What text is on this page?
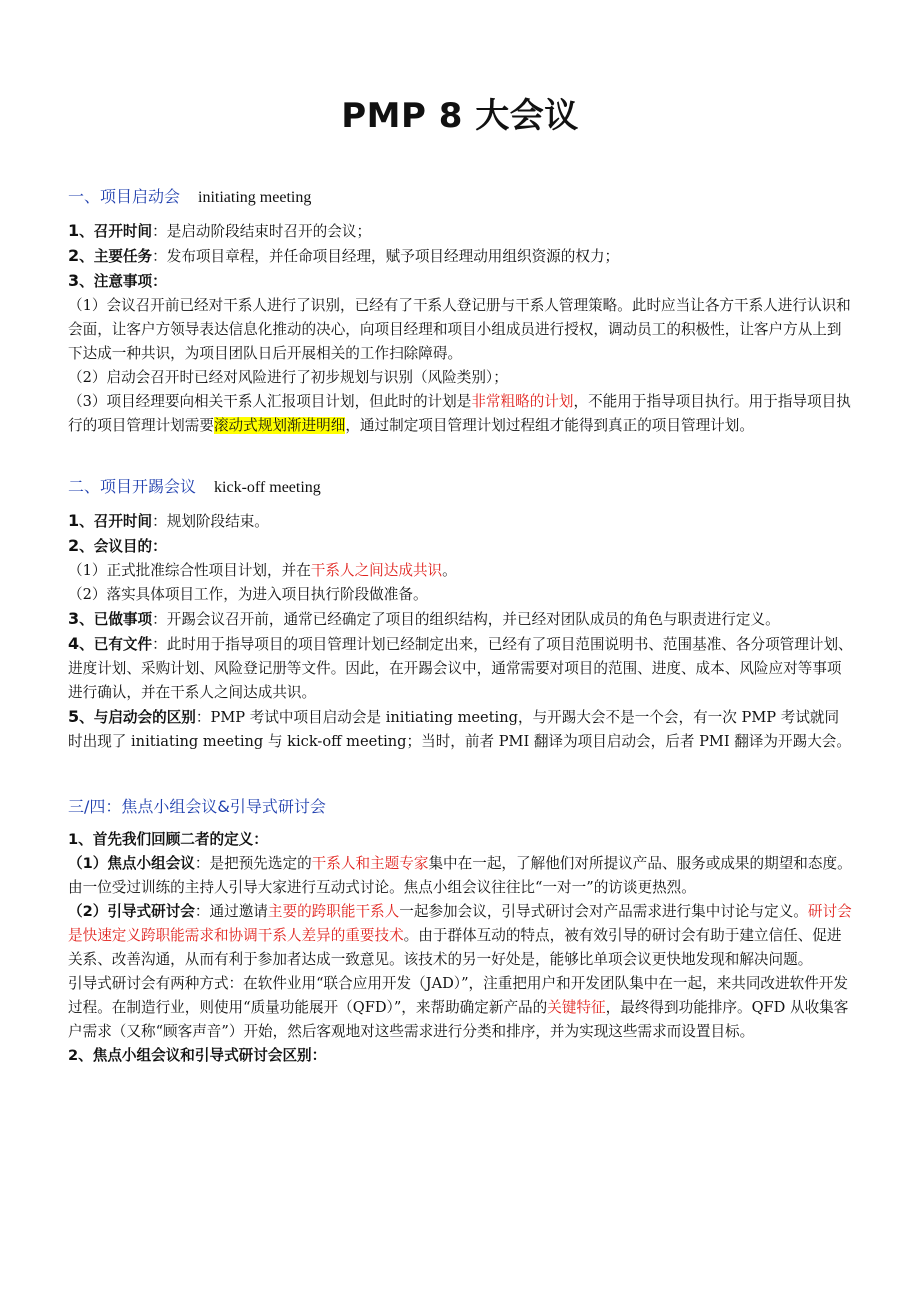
PMP 8 大会议

一、项目启动会 initiating meeting

1、召开时间：是启动阶段结束时召开的会议；

2、主要任务：发布项目章程，并任命项目经理，赋予项目经理动用组织资源的权力；

3、注意事项：

（1）会议召开前已经对干系人进行了识别，已经有了干系人登记册与干系人管理策略。此时应当让各方干系人进行认识和会面，让客户方领导表达信息化推动的决心，向项目经理和项目小组成员进行授权，调动员工的积极性，让客户方从上到下达成一种共识，为项目团队日后开展相关的工作扫除障碍。

（2）启动会召开时已经对风险进行了初步规划与识别（风险类别）；

（3）项目经理要向相关干系人汇报项目计划，但此时的计划是非常粗略的计划，不能用于指导项目执行。用于指导项目执行的项目管理计划需要滚动式规划渐进明细，通过制定项目管理计划过程组才能得到真正的项目管理计划。

二、项目开踢会议 kick-off meeting

1、召开时间：规划阶段结束。

2、会议目的：

（1）正式批准综合性项目计划，并在干系人之间达成共识。

（2）落实具体项目工作，为进入项目执行阶段做准备。

3、已做事项：开踢会议召开前，通常已经确定了项目的组织结构，并已经对团队成员的角色与职责进行定义。

4、已有文件：此时用于指导项目的项目管理计划已经制定出来，已经有了项目范围说明书、范围基准、各分项管理计划、进度计划、采购计划、风险登记册等文件。因此，在开踢会议中，通常需要对项目的范围、进度、成本、风险应对等事项进行确认，并在干系人之间达成共识。

5、与启动会的区别：PMP 考试中项目启动会是 initiating meeting，与开踢大会不是一个会，有一次 PMP 考试就同时出现了 initiating meeting 与 kick-off meeting；当时，前者 PMI 翻译为项目启动会，后者 PMI 翻译为开踢大会。

三/四：焦点小组会议&引导式研讨会

1、首先我们回顾二者的定义：

（1）焦点小组会议：是把预先选定的干系人和主题专家集中在一起，了解他们对所提议产品、服务或成果的期望和态度。由一位受过训练的主持人引导大家进行互动式讨论。焦点小组会议往往比“一对一”的访谈更热烈。

（2）引导式研讨会：通过邀请主要的跨职能干系人一起参加会议，引导式研讨会对产品需求进行集中讨论与定义。研讨会是快速定义跨职能需求和协调干系人差异的重要技术。由于群体互动的特点，被有效引导的研讨会有助于建立信任、促进关系、改善沟通，从而有利于参加者达成一致意见。该技术的另一好处是，能够比单项会议更快地发现和解决问题。

引导式研讨会有两种方式：在软件业用“联合应用开发（JAD）”，注重把用户和开发团队集中在一起，来共同改进软件开发过程。在制造行业，则使用“质量功能展开（QFD）”，来帮助确定新产品的关键特征，最终得到功能排序。QFD 从收集客户需求（又称“顾客声音”）开始，然后客观地对这些需求进行分类和排序，并为实现这些需求而设置目标。

2、焦点小组会议和引导式研讨会区别：
